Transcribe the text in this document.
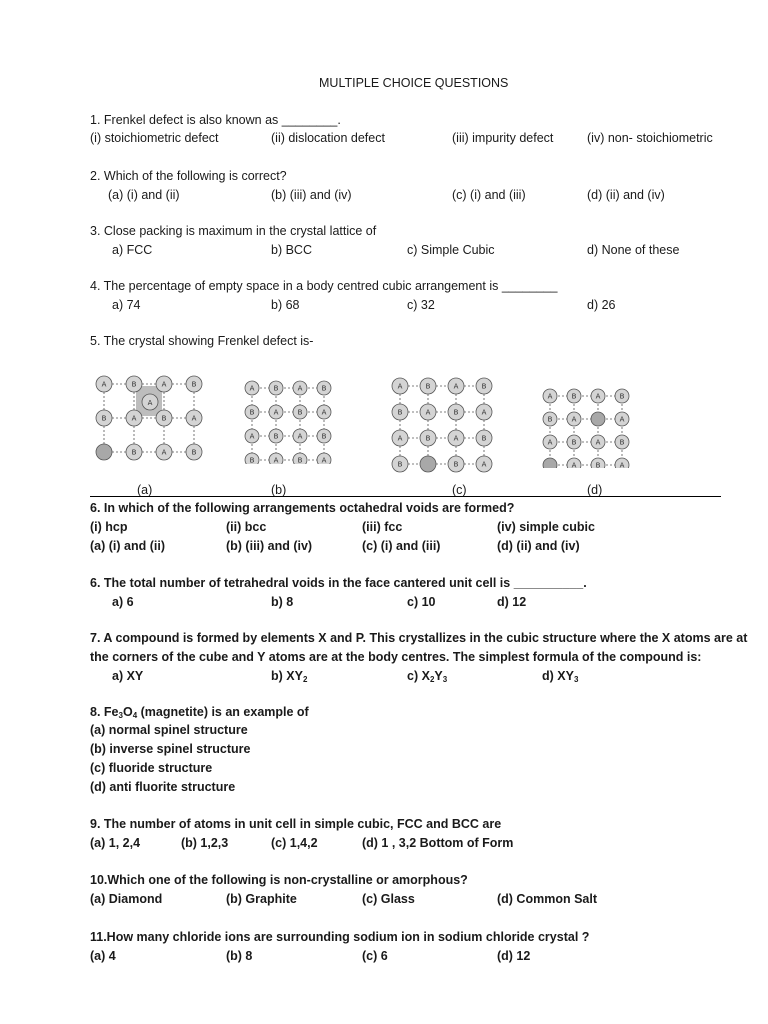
MULTIPLE CHOICE QUESTIONS
1. Frenkel defect is also known as ________.
(i) stoichiometric defect	(ii) dislocation defect	(iii) impurity defect	(iv) non- stoichiometric
2. Which of the following is correct?
(a) (i) and (ii)	(b) (iii) and (iv)	(c) (i) and (iii)	(d) (ii) and (iv)
3. Close packing is maximum in the crystal lattice of
a) FCC	b) BCC	c) Simple Cubic	d) None of these
4. The percentage of empty space in a body centred cubic arrangement is ________
a) 74	b) 68	c) 32	d) 26
5. The crystal showing Frenkel defect is-
A	B	A	B
B	A	B	A
B	A	B
A
A	B	A	B
B	A	B	A
A	B	A	B
B	A	B	A
A	B	A	B
B	A	B	A
A	B	A	B
B	B	A
A	B	A	B
B	A	A
A	B	A	B
A	B	A
(a)	(b)	(c)	(d)
6. In which of the following arrangements octahedral voids are formed?
(i) hcp	(ii) bcc	(iii) fcc	(iv) simple cubic
(a) (i) and (ii)	(b) (iii) and (iv)	(c) (i) and (iii)	(d) (ii) and (iv)
6. The total number of tetrahedral voids in the face cantered unit cell is __________.
a) 6	b) 8	c) 10	d) 12
7. A compound is formed by elements X and P. This crystallizes in the cubic structure where the X atoms are at
the corners of the cube and Y atoms are at the body centres. The simplest formula of the compound is:
a) XY	b) $XY_2$	c) $X_2Y_3$	d) $XY_3$
8. $Fe_3O_4$ (magnetite) is an example of
(a) normal spinel structure
(b) inverse spinel structure
(c) fluoride structure
(d) anti fluorite structure
9. The number of atoms in unit cell in simple cubic, FCC and BCC are
(a) 1, 2,4	(b) 1,2,3	(c) 1,4,2	(d) 1 , 3,2 Bottom of Form
10.Which one of the following is non-crystalline or amorphous?
(a) Diamond	(b) Graphite	(c) Glass	(d) Common Salt
11.How many chloride ions are surrounding sodium ion in sodium chloride crystal ?
(a) 4	(b) 8	(c) 6	(d) 12
